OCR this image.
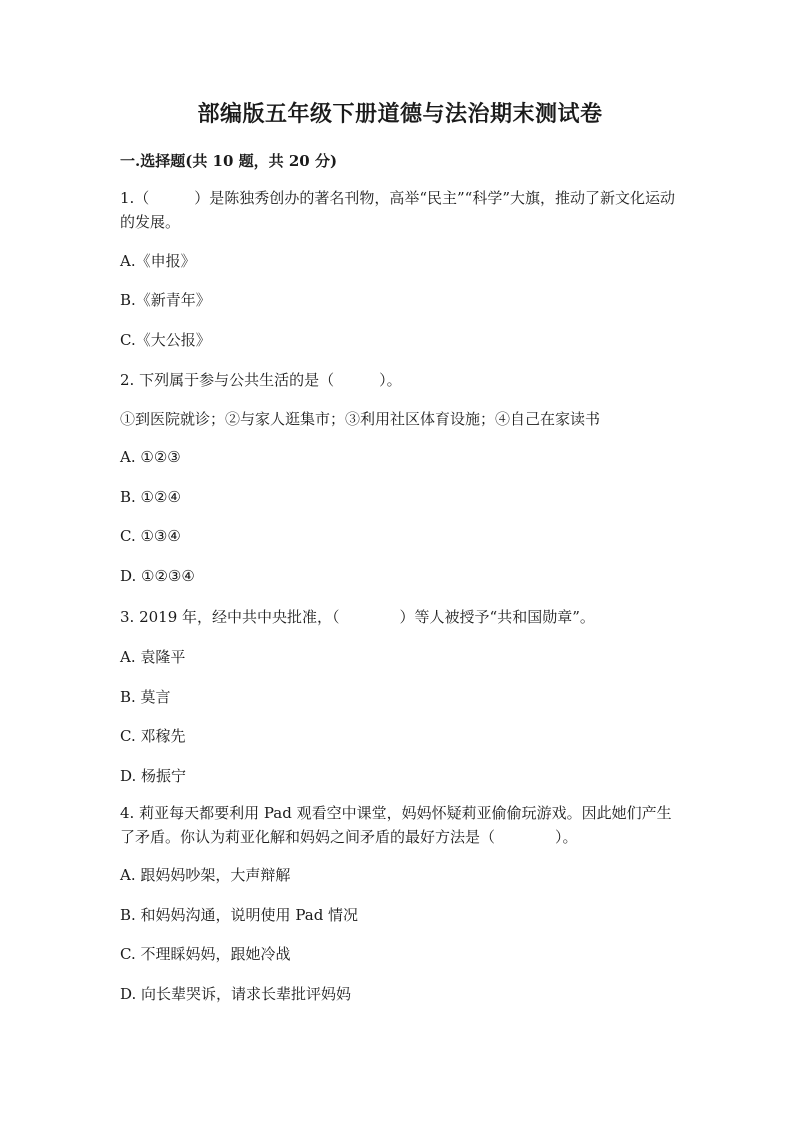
部编版五年级下册道德与法治期末测试卷
一.选择题(共 10 题，共 20 分)
1.（　　　）是陈独秀创办的著名刊物，高举“民主”“科学”大旗，推动了新文化运动的发展。
A.《申报》
B.《新青年》
C.《大公报》
2. 下列属于参与公共生活的是（　　　）。
①到医院就诊；②与家人逛集市；③利用社区体育设施；④自己在家读书
A. ①②③
B. ①②④
C. ①③④
D. ①②③④
3. 2019 年，经中共中央批准，（　　　　）等人被授予“共和国勋章”。
A. 袁隆平
B. 莫言
C. 邓稼先
D. 杨振宁
4. 莉亚每天都要利用 Pad 观看空中课堂，妈妈怀疑莉亚偷偷玩游戏。因此她们产生了矛盾。你认为莉亚化解和妈妈之间矛盾的最好方法是（　　　　）。
A. 跟妈妈吵架，大声辩解
B. 和妈妈沟通，说明使用 Pad 情况
C. 不理睬妈妈，跟她冷战
D. 向长辈哭诉，请求长辈批评妈妈
